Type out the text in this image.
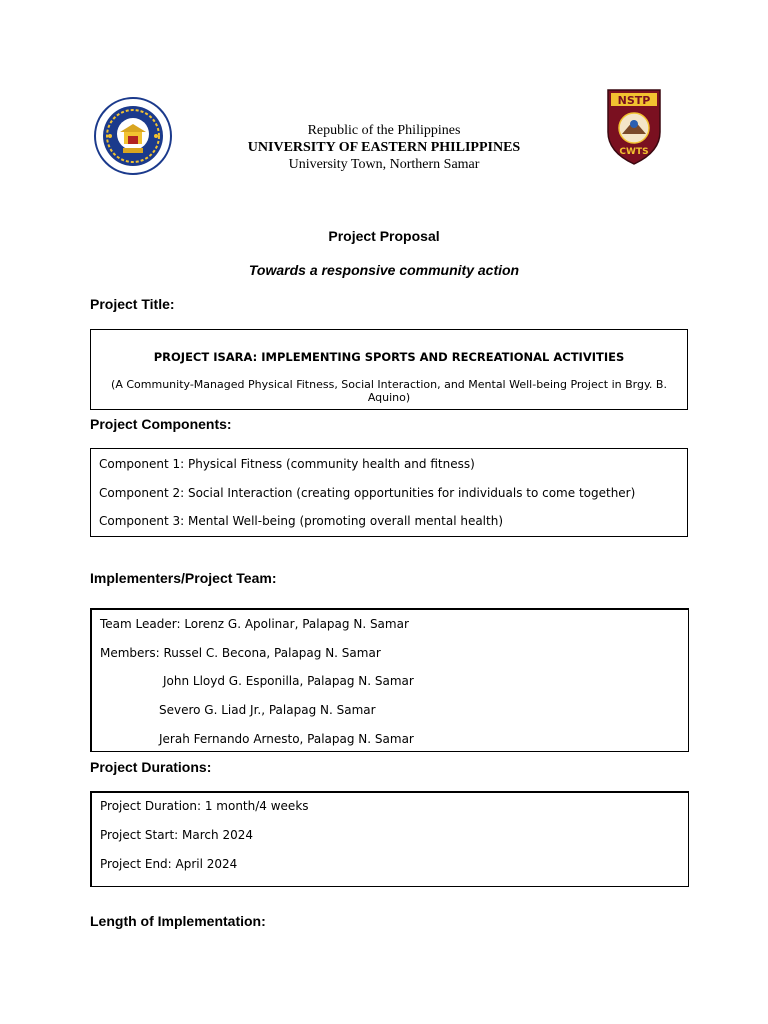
Republic of the Philippines
UNIVERSITY OF EASTERN PHILIPPINES
University Town, Northern Samar
NSTP
CWTS
Project Proposal
Towards a responsive community action
Project Title:
PROJECT ISARA: IMPLEMENTING SPORTS AND RECREATIONAL ACTIVITIES
(A Community-Managed Physical Fitness, Social Interaction, and Mental Well-being Project in Brgy. B. Aquino)
Project Components:
Component 1: Physical Fitness (community health and fitness)
Component 2: Social Interaction (creating opportunities for individuals to come together)
Component 3: Mental Well-being (promoting overall mental health)
Implementers/Project Team:
Team Leader: Lorenz G. Apolinar, Palapag N. Samar
Members: Russel C. Becona, Palapag N. Samar
John Lloyd G. Esponilla, Palapag N. Samar
Severo G. Liad Jr., Palapag N. Samar
Jerah Fernando Arnesto, Palapag N. Samar
Project Durations:
Project Duration: 1 month/4 weeks
Project Start: March 2024
Project End: April 2024
Length of Implementation:
